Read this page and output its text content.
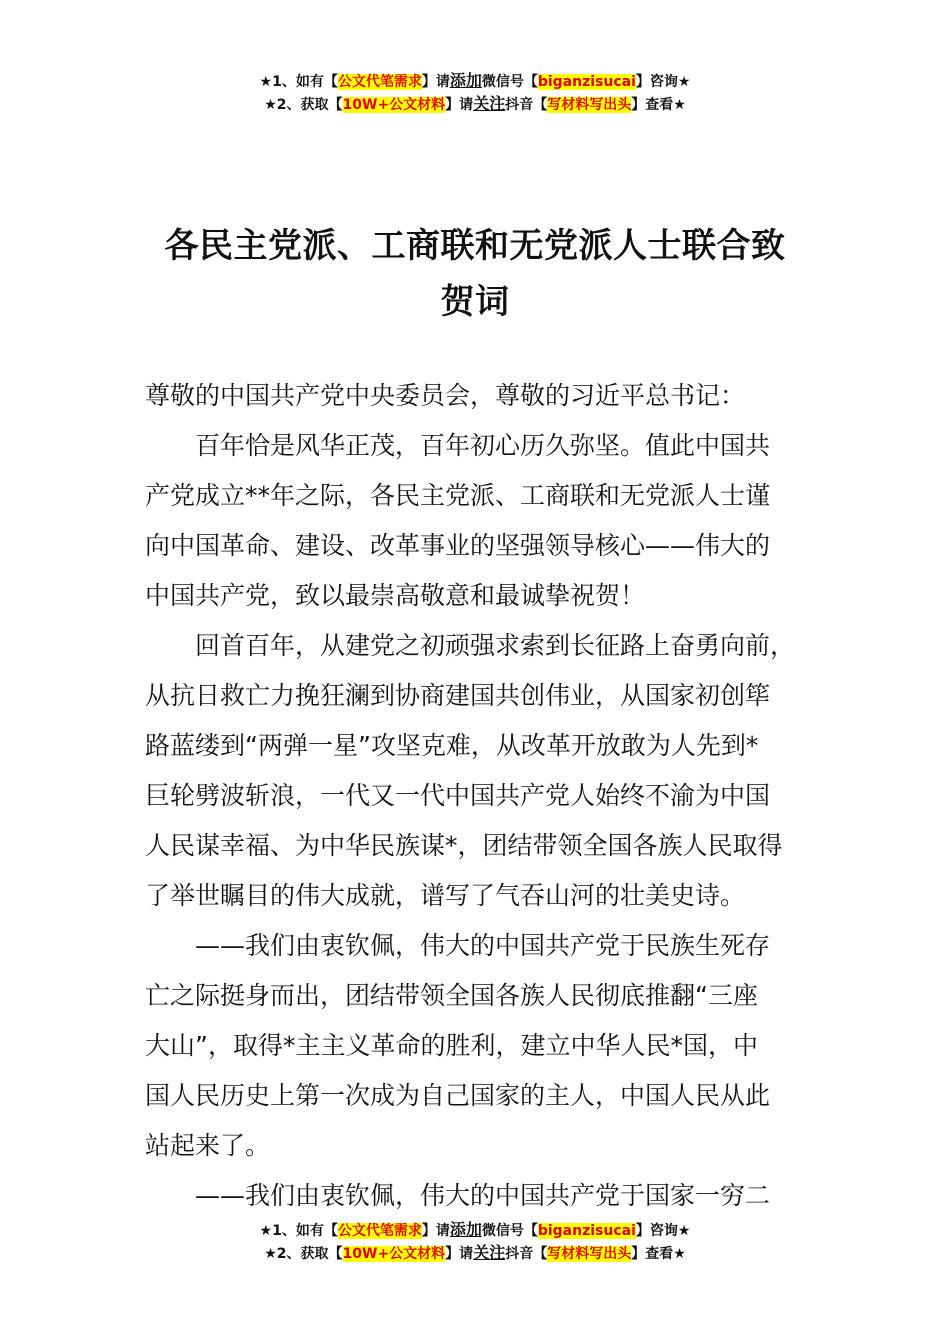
★1、如有【公文代笔需求】请添加微信号【biganzisucai】咨询★
★2、获取【10W+公文材料】请关注抖音【写材料写出头】查看★
各民主党派、工商联和无党派人士联合致
贺词
尊敬的中国共产党中央委员会，尊敬的习近平总书记：
百年恰是风华正茂，百年初心历久弥坚。值此中国共
产党成立**年之际，各民主党派、工商联和无党派人士谨
向中国革命、建设、改革事业的坚强领导核心——伟大的
中国共产党，致以最崇高敬意和最诚挚祝贺！
回首百年，从建党之初顽强求索到长征路上奋勇向前，
从抗日救亡力挽狂澜到协商建国共创伟业，从国家初创筚
路蓝缕到“两弹一星”攻坚克难，从改革开放敢为人先到*
巨轮劈波斩浪，一代又一代中国共产党人始终不渝为中国
人民谋幸福、为中华民族谋*，团结带领全国各族人民取得
了举世瞩目的伟大成就，谱写了气吞山河的壮美史诗。
——我们由衷钦佩，伟大的中国共产党于民族生死存
亡之际挺身而出，团结带领全国各族人民彻底推翻“三座
大山”，取得*主主义革命的胜利，建立中华人民*国，中
国人民历史上第一次成为自己国家的主人，中国人民从此
站起来了。
——我们由衷钦佩，伟大的中国共产党于国家一穷二
★1、如有【公文代笔需求】请添加微信号【biganzisucai】咨询★
★2、获取【10W+公文材料】请关注抖音【写材料写出头】查看★
